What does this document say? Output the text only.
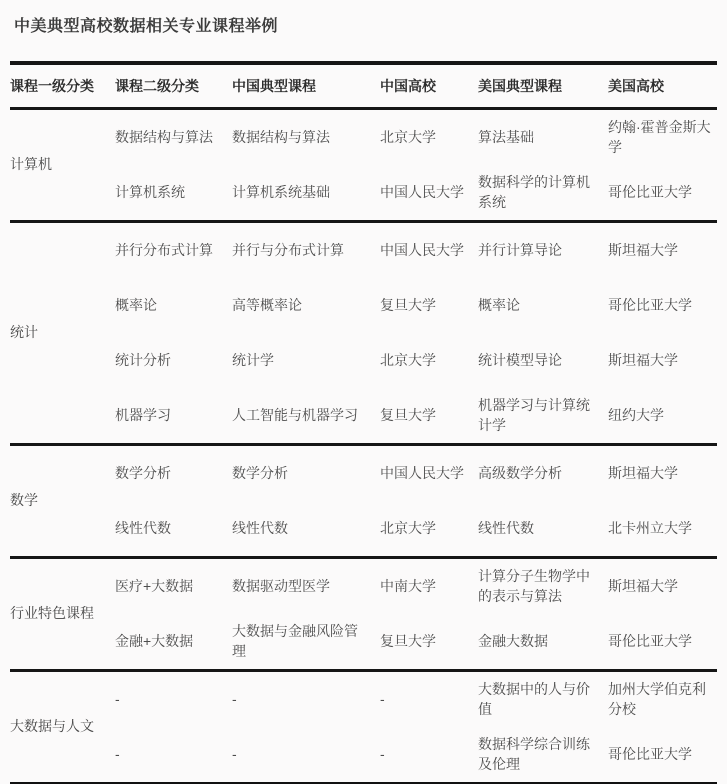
中美典型高校数据相关专业课程举例
课程一级分类	课程二级分类	中国典型课程	中国高校	美国典型课程	美国高校
计算机	数据结构与算法	数据结构与算法	北京大学	算法基础	约翰·霍普金斯大学
	计算机系统	计算机系统基础	中国人民大学	数据科学的计算机系统	哥伦比亚大学
统计	并行分布式计算	并行与分布式计算	中国人民大学	并行计算导论	斯坦福大学
	概率论	高等概率论	复旦大学	概率论	哥伦比亚大学
	统计分析	统计学	北京大学	统计模型导论	斯坦福大学
	机器学习	人工智能与机器学习	复旦大学	机器学习与计算统计学	纽约大学
数学	数学分析	数学分析	中国人民大学	高级数学分析	斯坦福大学
	线性代数	线性代数	北京大学	线性代数	北卡州立大学
行业特色课程	医疗+大数据	数据驱动型医学	中南大学	计算分子生物学中的表示与算法	斯坦福大学
	金融+大数据	大数据与金融风险管理	复旦大学	金融大数据	哥伦比亚大学
大数据与人文	-	-	-	大数据中的人与价值	加州大学伯克利分校
	-	-	-	数据科学综合训练及伦理	哥伦比亚大学
